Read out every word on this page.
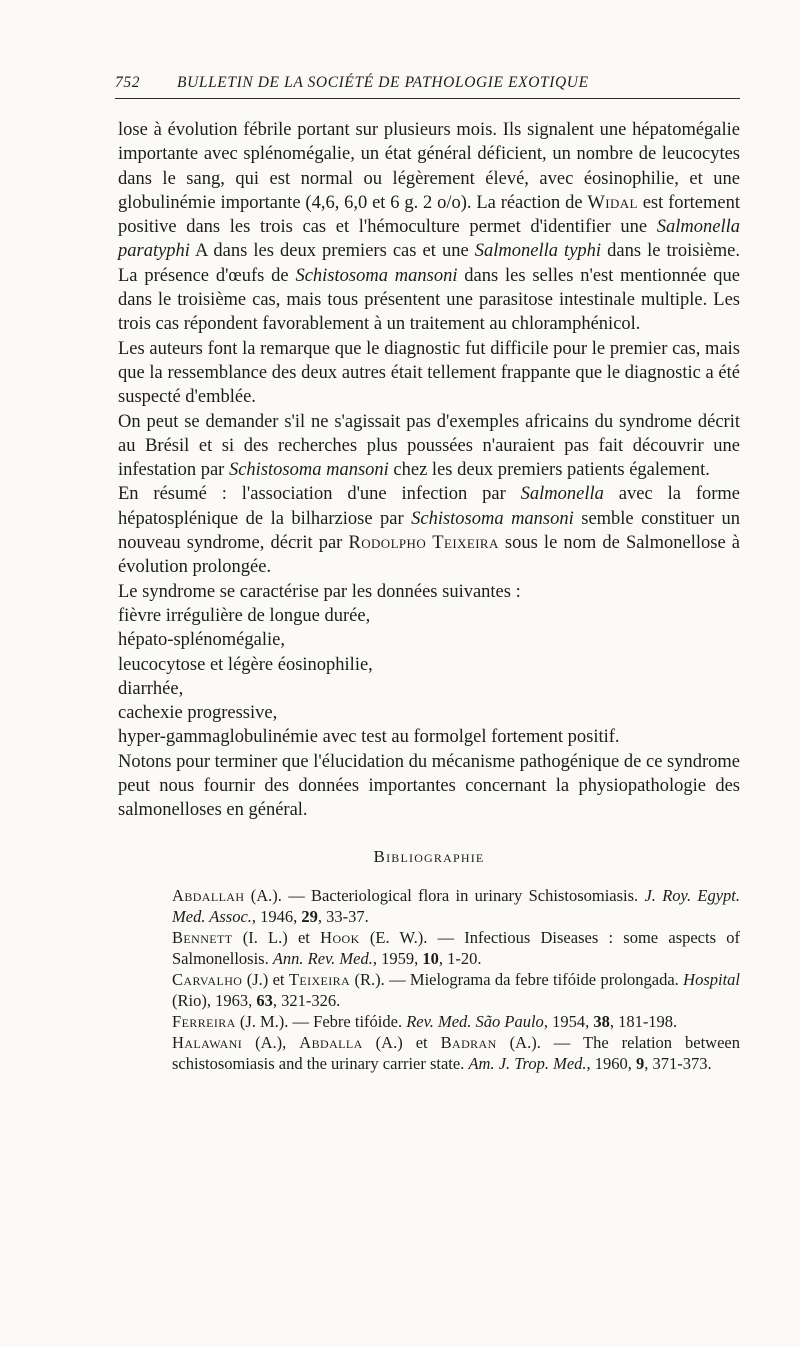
752 BULLETIN DE LA SOCIÉTÉ DE PATHOLOGIE EXOTIQUE

lose à évolution fébrile portant sur plusieurs mois. Ils signalent une hépatomégalie importante avec splénomégalie, un état général déficient, un nombre de leucocytes dans le sang, qui est normal ou légèrement élevé, avec éosinophilie, et une globulinémie importante (4,6, 6,0 et 6 g. 2 o/o). La réaction de Widal est fortement positive dans les trois cas et l'hémoculture permet d'identifier une Salmonella paratyphi A dans les deux premiers cas et une Salmonella typhi dans le troisième. La présence d'œufs de Schistosoma mansoni dans les selles n'est mentionnée que dans le troisième cas, mais tous présentent une parasitose intestinale multiple. Les trois cas répondent favorablement à un traitement au chloramphénicol.

Les auteurs font la remarque que le diagnostic fut difficile pour le premier cas, mais que la ressemblance des deux autres était tellement frappante que le diagnostic a été suspecté d'emblée.

On peut se demander s'il ne s'agissait pas d'exemples africains du syndrome décrit au Brésil et si des recherches plus poussées n'auraient pas fait découvrir une infestation par Schistosoma mansoni chez les deux premiers patients également.

En résumé : l'association d'une infection par Salmonella avec la forme hépatosplénique de la bilharziose par Schistosoma mansoni semble constituer un nouveau syndrome, décrit par Rodolpho Teixeira sous le nom de Salmonellose à évolution prolongée.

Le syndrome se caractérise par les données suivantes :

fièvre irrégulière de longue durée,
hépato-splénomégalie,
leucocytose et légère éosinophilie,
diarrhée,
cachexie progressive,
hyper-gammaglobulinémie avec test au formolgel fortement positif.

Notons pour terminer que l'élucidation du mécanisme pathogénique de ce syndrome peut nous fournir des données importantes concernant la physiopathologie des salmonelloses en général.

Bibliographie

Abdallah (A.). — Bacteriological flora in urinary Schistosomiasis. J. Roy. Egypt. Med. Assoc., 1946, 29, 33-37.

Bennett (I. L.) et Hook (E. W.). — Infectious Diseases : some aspects of Salmonellosis. Ann. Rev. Med., 1959, 10, 1-20.

Carvalho (J.) et Teixeira (R.). — Mielograma da febre tifóide prolongada. Hospital (Rio), 1963, 63, 321-326.

Ferreira (J. M.). — Febre tifóide. Rev. Med. São Paulo, 1954, 38, 181-198.

Halawani (A.), Abdalla (A.) et Badran (A.). — The relation between schistosomiasis and the urinary carrier state. Am. J. Trop. Med., 1960, 9, 371-373.
